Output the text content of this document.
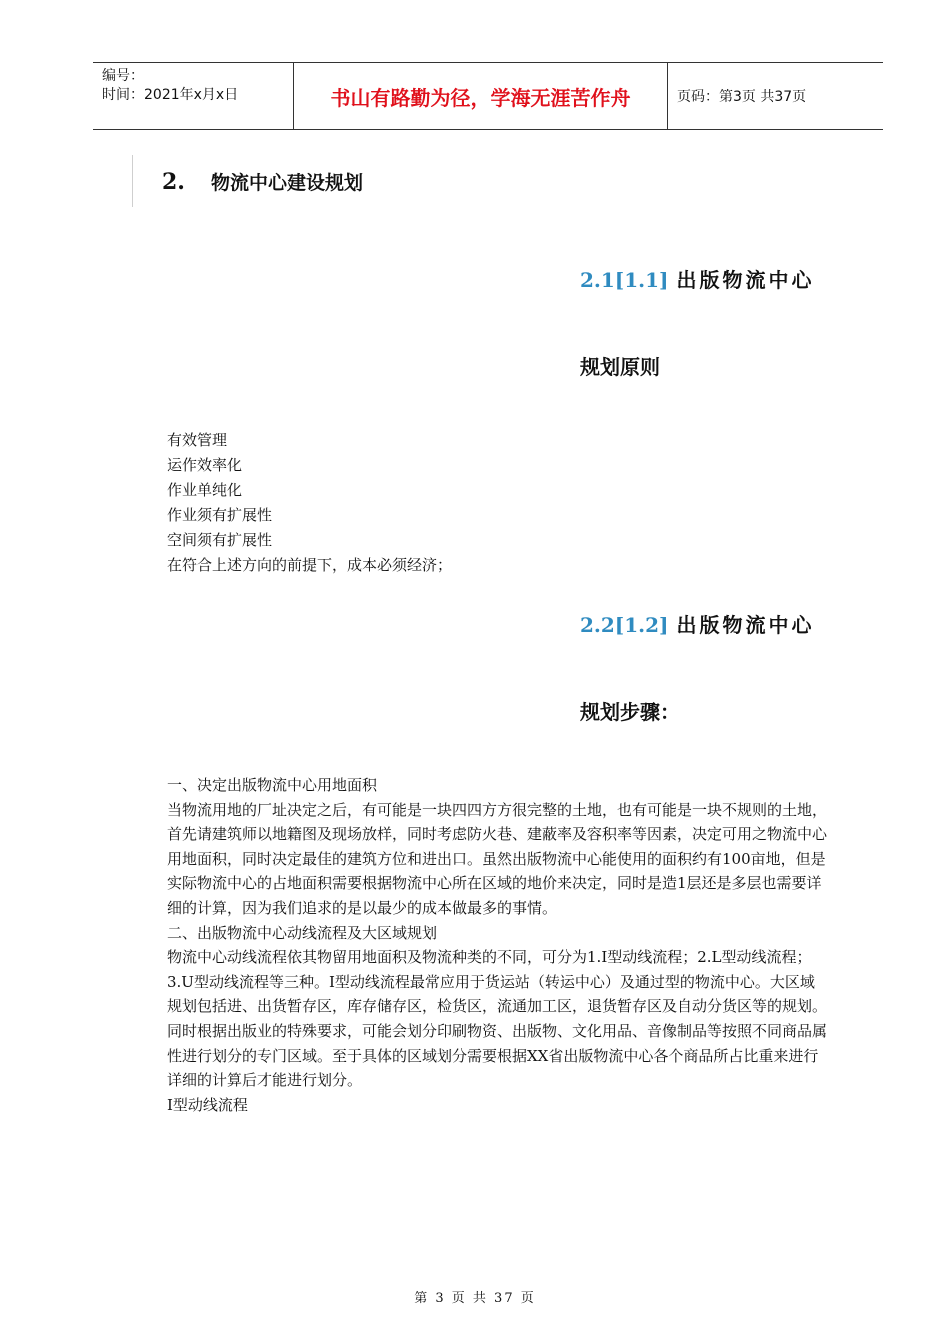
编号：
时间：2021年x月x日	书山有路勤为径，学海无涯苦作舟	页码：第3页 共37页
2.	物流中心建设规划
2.1[1.1] 出版物流中心
规划原则
有效管理
运作效率化
作业单纯化
作业须有扩展性
空间须有扩展性
在符合上述方向的前提下，成本必须经济；
2.2[1.2] 出版物流中心
规划步骤：

一、决定出版物流中心用地面积

当物流用地的厂址决定之后，有可能是一块四四方方很完整的土地，也有可能是一块不规则的土地，首先请建筑师以地籍图及现场放样，同时考虑防火巷、建蔽率及容积率等因素，决定可用之物流中心用地面积，同时决定最佳的建筑方位和进出口。虽然出版物流中心能使用的面积约有100亩地，但是实际物流中心的占地面积需要根据物流中心所在区域的地价来决定，同时是造1层还是多层也需要详细的计算，因为我们追求的是以最少的成本做最多的事情。

二、出版物流中心动线流程及大区域规划

物流中心动线流程依其物留用地面积及物流种类的不同，可分为1.I型动线流程；2.L型动线流程；3.U型动线流程等三种。I型动线流程最常应用于货运站（转运中心）及通过型的物流中心。大区域规划包括进、出货暂存区，库存储存区，检货区，流通加工区，退货暂存区及自动分货区等的规划。同时根据出版业的特殊要求，可能会划分印刷物资、出版物、文化用品、音像制品等按照不同商品属性进行划分的专门区域。至于具体的区域划分需要根据XX省出版物流中心各个商品所占比重来进行详细的计算后才能进行划分。

I型动线流程

第 3 页 共 37 页
